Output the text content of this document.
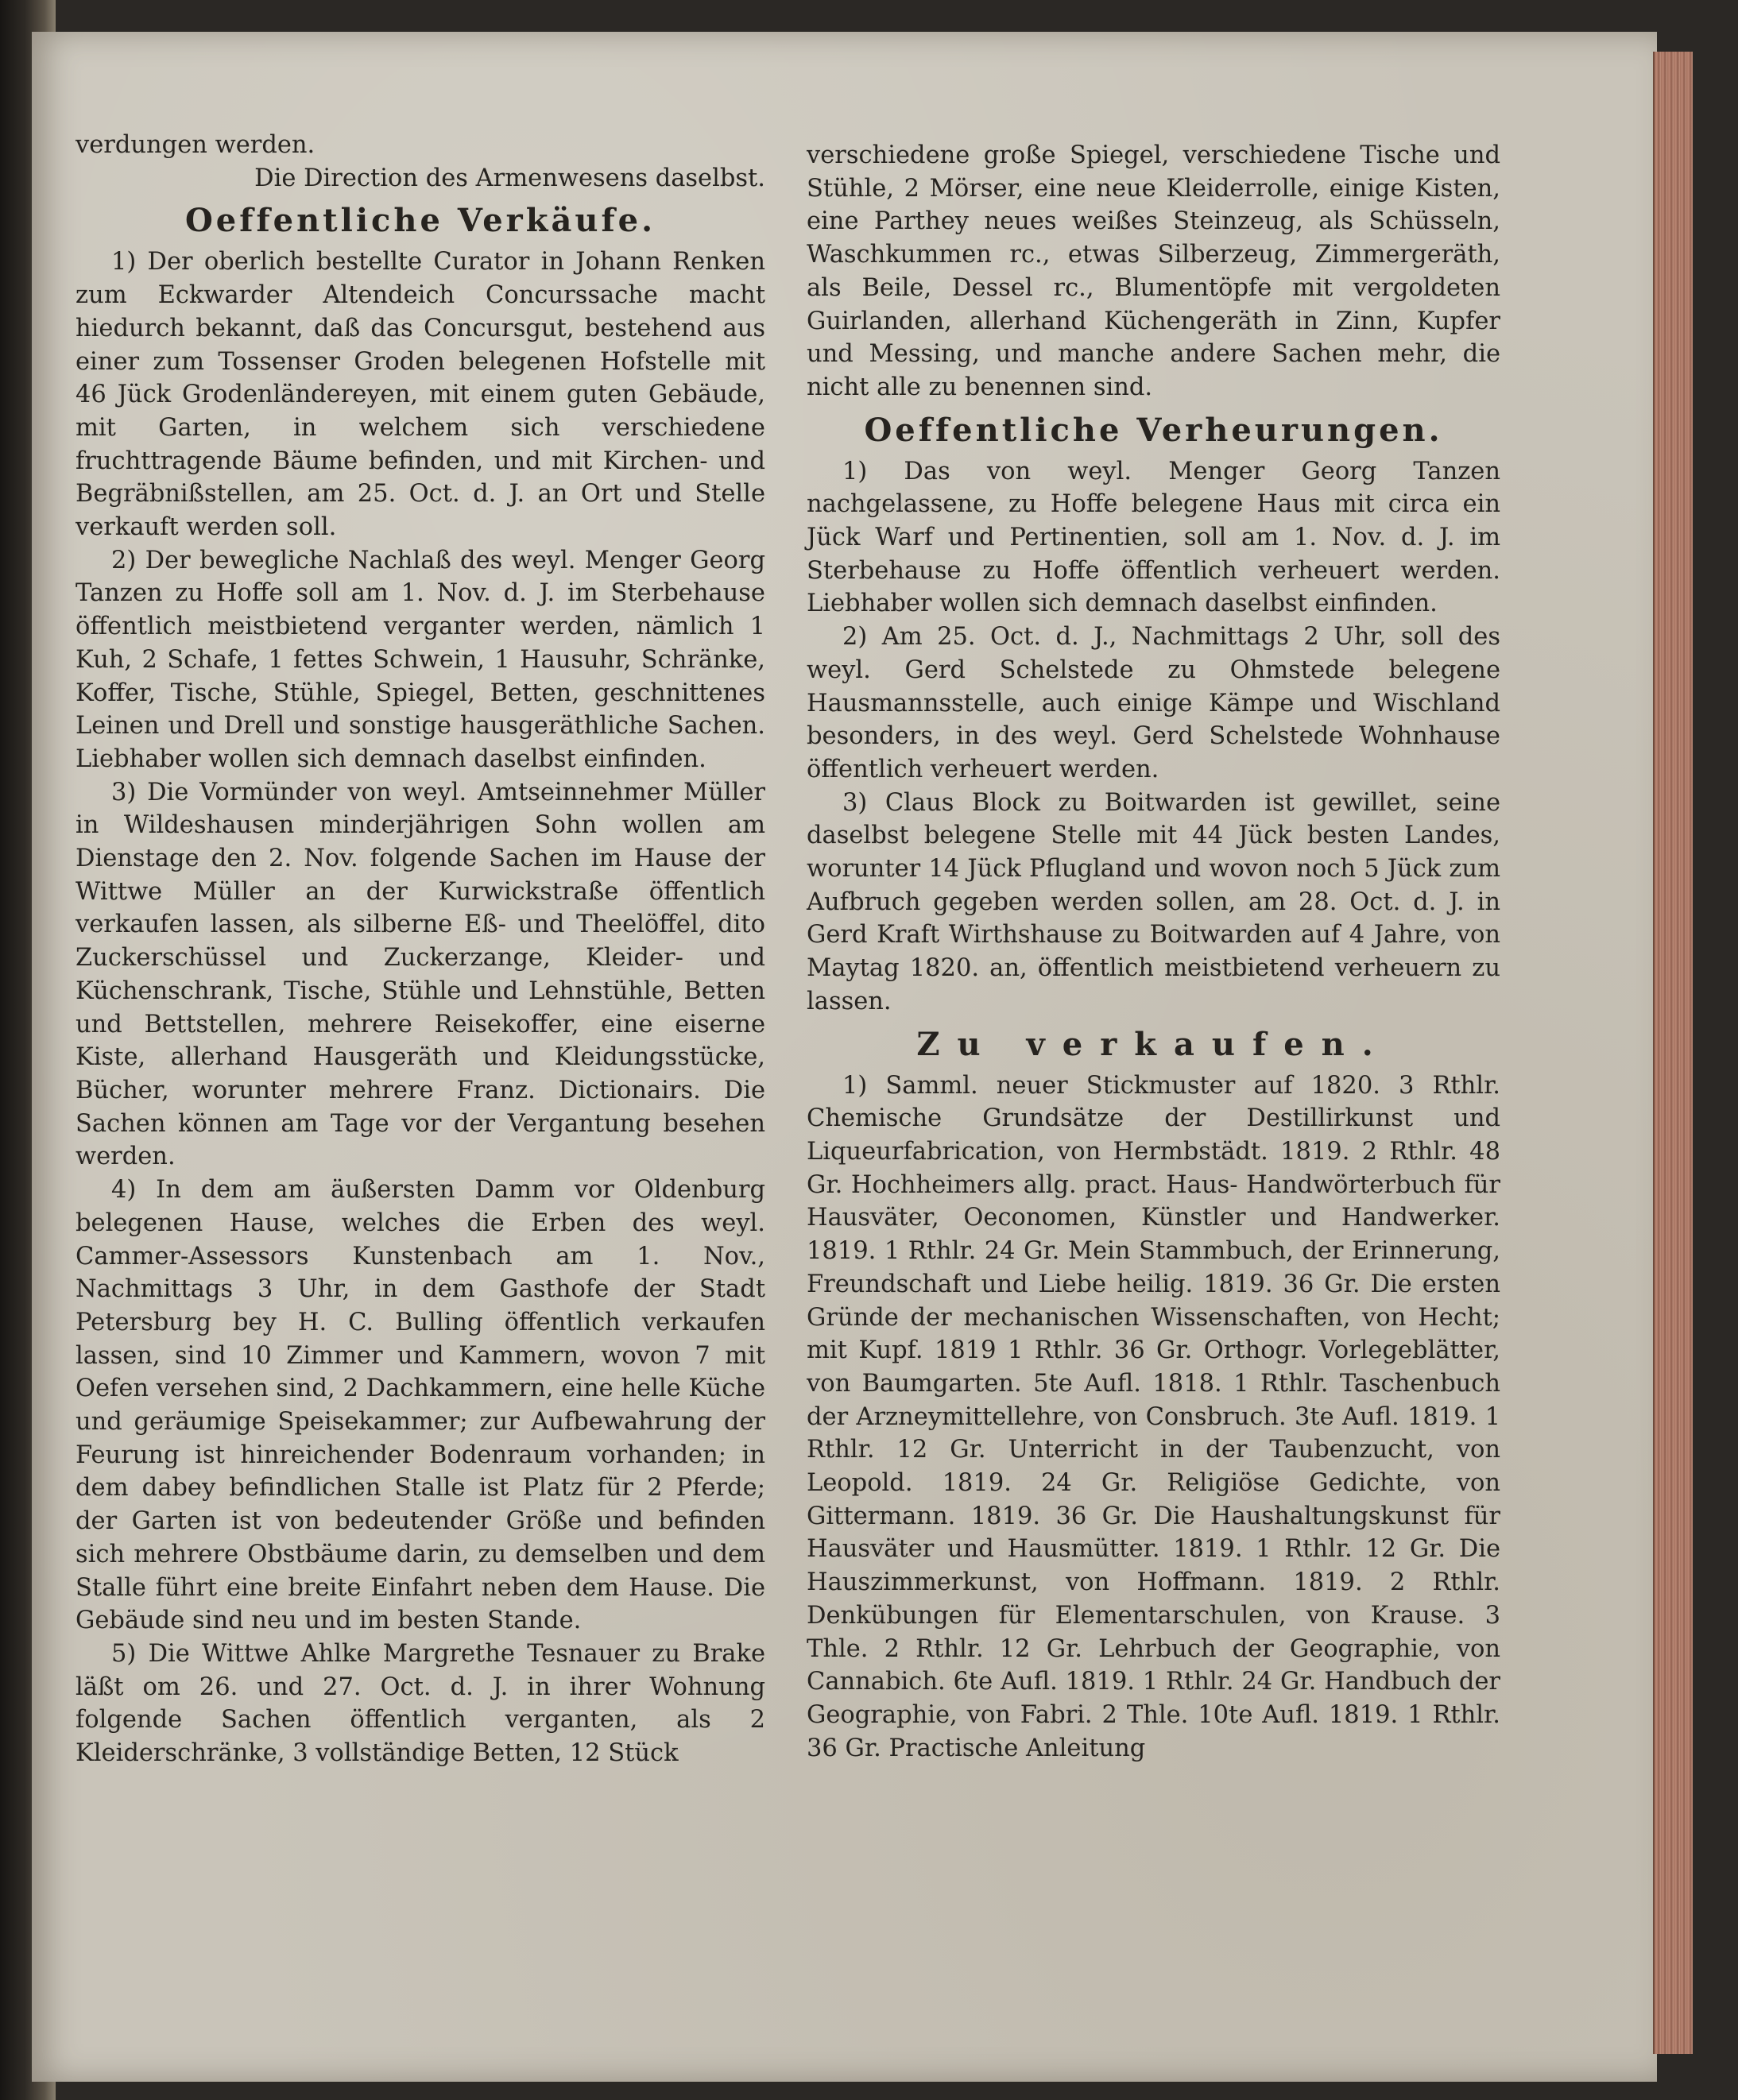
verdungen werden.

Die Direction des Armenwesens daselbst.

Oeffentliche Verkäufe.

1) Der oberlich bestellte Curator in Johann Renken zum Eckwarder Altendeich Concurssache macht hiedurch bekannt, daß das Concursgut, bestehend aus einer zum Tossenser Groden belegenen Hofstelle mit 46 Jück Grodenländereyen, mit einem guten Gebäude, mit Garten, in welchem sich verschiedene fruchttragende Bäume befinden, und mit Kirchen- und Begräbnißstellen, am 25. Oct. d. J. an Ort und Stelle verkauft werden soll.

2) Der bewegliche Nachlaß des weyl. Menger Georg Tanzen zu Hoffe soll am 1. Nov. d. J. im Sterbehause öffentlich meistbietend verganter werden, nämlich 1 Kuh, 2 Schafe, 1 fettes Schwein, 1 Hausuhr, Schränke, Koffer, Tische, Stühle, Spiegel, Betten, geschnittenes Leinen und Drell und sonstige hausgeräthliche Sachen. Liebhaber wollen sich demnach daselbst einfinden.

3) Die Vormünder von weyl. Amtseinnehmer Müller in Wildeshausen minderjährigen Sohn wollen am Dienstage den 2. Nov. folgende Sachen im Hause der Wittwe Müller an der Kurwickstraße öffentlich verkaufen lassen, als silberne Eß- und Theelöffel, dito Zuckerschüssel und Zuckerzange, Kleider- und Küchenschrank, Tische, Stühle und Lehnstühle, Betten und Bettstellen, mehrere Reisekoffer, eine eiserne Kiste, allerhand Hausgeräth und Kleidungsstücke, Bücher, worunter mehrere Franz. Dictionairs. Die Sachen können am Tage vor der Vergantung besehen werden.

4) In dem am äußersten Damm vor Oldenburg belegenen Hause, welches die Erben des weyl. Cammer-Assessors Kunstenbach am 1. Nov., Nachmittags 3 Uhr, in dem Gasthofe der Stadt Petersburg bey H. C. Bulling öffentlich verkaufen lassen, sind 10 Zimmer und Kammern, wovon 7 mit Oefen versehen sind, 2 Dachkammern, eine helle Küche und geräumige Speisekammer; zur Aufbewahrung der Feurung ist hinreichender Bodenraum vorhanden; in dem dabey befindlichen Stalle ist Platz für 2 Pferde; der Garten ist von bedeutender Größe und befinden sich mehrere Obstbäume darin, zu demselben und dem Stalle führt eine breite Einfahrt neben dem Hause. Die Gebäude sind neu und im besten Stande.

5) Die Wittwe Ahlke Margrethe Tesnauer zu Brake läßt om 26. und 27. Oct. d. J. in ihrer Wohnung folgende Sachen öffentlich verganten, als 2 Kleiderschränke, 3 vollständige Betten, 12 Stück

verschiedene große Spiegel, verschiedene Tische und Stühle, 2 Mörser, eine neue Kleiderrolle, einige Kisten, eine Parthey neues weißes Steinzeug, als Schüsseln, Waschkummen rc., etwas Silberzeug, Zimmergeräth, als Beile, Dessel rc., Blumentöpfe mit vergoldeten Guirlanden, allerhand Küchengeräth in Zinn, Kupfer und Messing, und manche andere Sachen mehr, die nicht alle zu benennen sind.

Oeffentliche Verheurungen.

1) Das von weyl. Menger Georg Tanzen nachgelassene, zu Hoffe belegene Haus mit circa ein Jück Warf und Pertinentien, soll am 1. Nov. d. J. im Sterbehause zu Hoffe öffentlich verheuert werden. Liebhaber wollen sich demnach daselbst einfinden.

2) Am 25. Oct. d. J., Nachmittags 2 Uhr, soll des weyl. Gerd Schelstede zu Ohmstede belegene Hausmannsstelle, auch einige Kämpe und Wischland besonders, in des weyl. Gerd Schelstede Wohnhause öffentlich verheuert werden.

3) Claus Block zu Boitwarden ist gewillet, seine daselbst belegene Stelle mit 44 Jück besten Landes, worunter 14 Jück Pflugland und wovon noch 5 Jück zum Aufbruch gegeben werden sollen, am 28. Oct. d. J. in Gerd Kraft Wirthshause zu Boitwarden auf 4 Jahre, von Maytag 1820. an, öffentlich meistbietend verheuern zu lassen.

Zu verkaufen.

1) Samml. neuer Stickmuster auf 1820. 3 Rthlr. Chemische Grundsätze der Destillirkunst und Liqueurfabrication, von Hermbstädt. 1819. 2 Rthlr. 48 Gr. Hochheimers allg. pract. Haus- Handwörterbuch für Hausväter, Oeconomen, Künstler und Handwerker. 1819. 1 Rthlr. 24 Gr. Mein Stammbuch, der Erinnerung, Freundschaft und Liebe heilig. 1819. 36 Gr. Die ersten Gründe der mechanischen Wissenschaften, von Hecht; mit Kupf. 1819 1 Rthlr. 36 Gr. Orthogr. Vorlegeblätter, von Baumgarten. 5te Aufl. 1818. 1 Rthlr. Taschenbuch der Arzneymittellehre, von Consbruch. 3te Aufl. 1819. 1 Rthlr. 12 Gr. Unterricht in der Taubenzucht, von Leopold. 1819. 24 Gr. Religiöse Gedichte, von Gittermann. 1819. 36 Gr. Die Haushaltungskunst für Hausväter und Hausmütter. 1819. 1 Rthlr. 12 Gr. Die Hauszimmerkunst, von Hoffmann. 1819. 2 Rthlr. Denkübungen für Elementarschulen, von Krause. 3 Thle. 2 Rthlr. 12 Gr. Lehrbuch der Geographie, von Cannabich. 6te Aufl. 1819. 1 Rthlr. 24 Gr. Handbuch der Geographie, von Fabri. 2 Thle. 10te Aufl. 1819. 1 Rthlr. 36 Gr. Practische Anleitung
